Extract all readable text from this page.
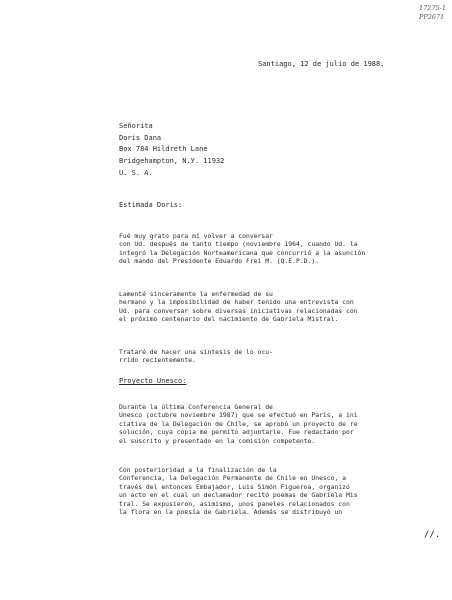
17275-1
PP2671
Santiago, 12 de julio de 1988.
Señorita
Doris Dana
Box 784 Hildreth Lane
Bridgehampton, N.Y. 11932
U. S. A.
Estimada Doris:
Fué muy grato para mí volver a conversar
con Ud. después de tanto tiempo (noviembre 1964, cuando Ud. la
integró la Delegación Norteamericana que concurrió a la asunción
del mando del Presidente Eduardo Frei M. (Q.E.P.D.).
Lamenté sinceramente la enfermedad de su
hermano y la imposibilidad de haber tenido una entrevista con
Ud. para conversar sobre diversas iniciativas relacionadas con
el próximo centenario del nacimiento de Gabriela Mistral.
Trataré de hacer una síntesis de lo ocu-
rrido recientemente.
Proyecto Unesco:
Durante la última Conferencia General de
Unesco (octubre noviembre 1987) que se efectuó en París, a ini
ciativa de la Delegación de Chile, se aprobó un proyecto de re
solución, cuya copia me permito adjuntarle. Fue redactado por
el suscrito y presentado en la comisión competente.
Con posterioridad a la finalización de la
Conferencia, la Delegación Permanente de Chile en Unesco, a
través del entonces Embajador, Luis Simón Figueroa, organizó
un acto en el cual un declamador recitó poemas de Gabriela Mis
tral. Se expusieron, asimismo, unos paneles relacionados con
la flora en la poesía de Gabriela. Además se distribuyó un
//.
